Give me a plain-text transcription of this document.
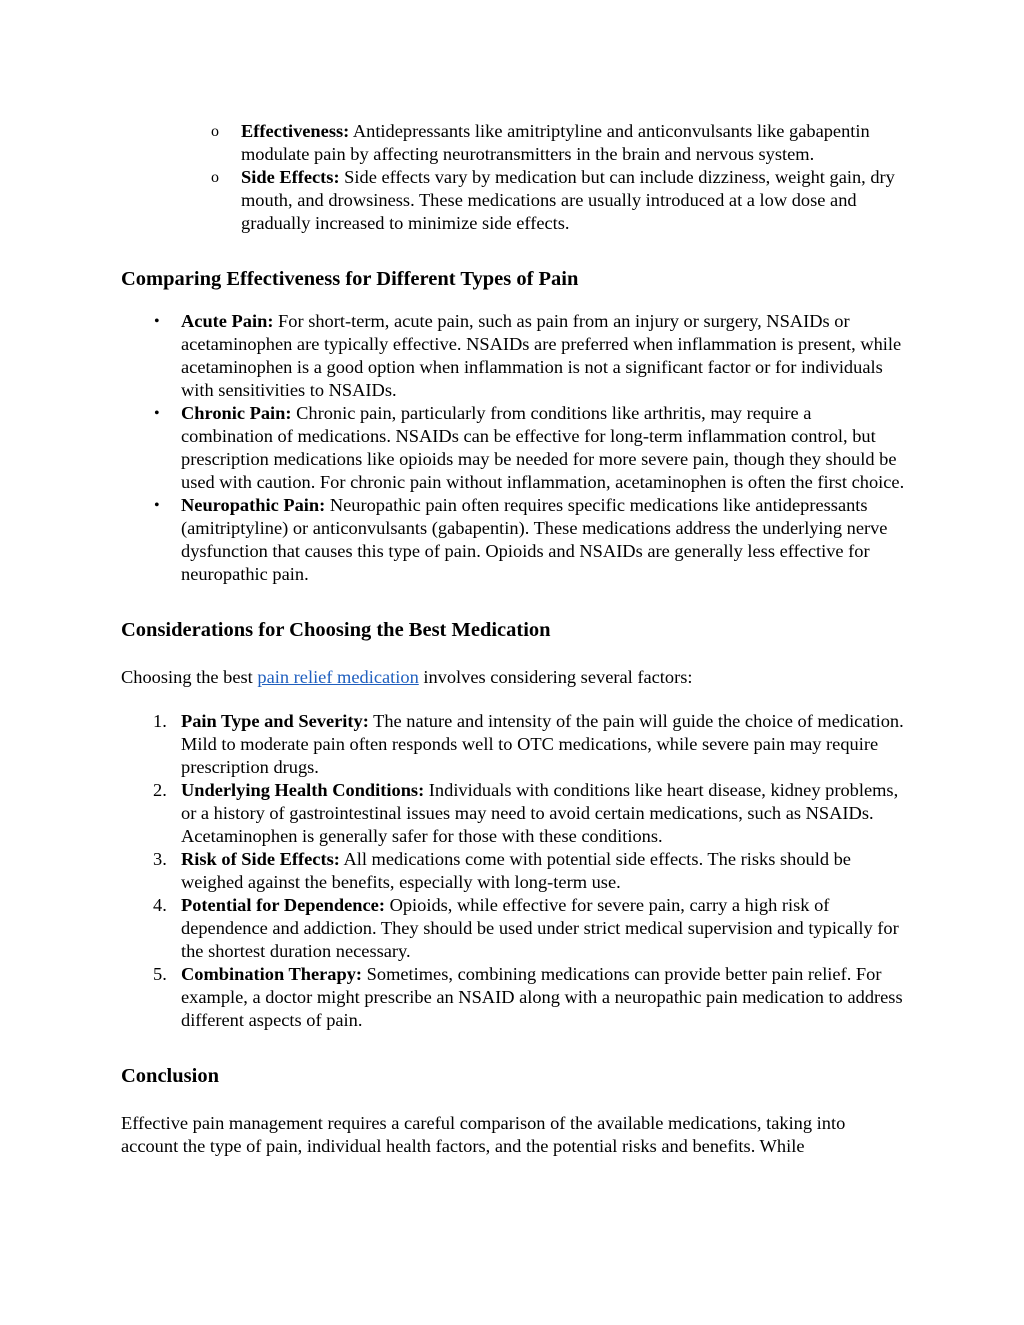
o Effectiveness: Antidepressants like amitriptyline and anticonvulsants like gabapentin modulate pain by affecting neurotransmitters in the brain and nervous system.
o Side Effects: Side effects vary by medication but can include dizziness, weight gain, dry mouth, and drowsiness. These medications are usually introduced at a low dose and gradually increased to minimize side effects.
Comparing Effectiveness for Different Types of Pain
• Acute Pain: For short-term, acute pain, such as pain from an injury or surgery, NSAIDs or acetaminophen are typically effective. NSAIDs are preferred when inflammation is present, while acetaminophen is a good option when inflammation is not a significant factor or for individuals with sensitivities to NSAIDs.
• Chronic Pain: Chronic pain, particularly from conditions like arthritis, may require a combination of medications. NSAIDs can be effective for long-term inflammation control, but prescription medications like opioids may be needed for more severe pain, though they should be used with caution. For chronic pain without inflammation, acetaminophen is often the first choice.
• Neuropathic Pain: Neuropathic pain often requires specific medications like antidepressants (amitriptyline) or anticonvulsants (gabapentin). These medications address the underlying nerve dysfunction that causes this type of pain. Opioids and NSAIDs are generally less effective for neuropathic pain.
Considerations for Choosing the Best Medication

Choosing the best pain relief medication involves considering several factors:

1. Pain Type and Severity: The nature and intensity of the pain will guide the choice of medication. Mild to moderate pain often responds well to OTC medications, while severe pain may require prescription drugs.
2. Underlying Health Conditions: Individuals with conditions like heart disease, kidney problems, or a history of gastrointestinal issues may need to avoid certain medications, such as NSAIDs. Acetaminophen is generally safer for those with these conditions.
3. Risk of Side Effects: All medications come with potential side effects. The risks should be weighed against the benefits, especially with long-term use.
4. Potential for Dependence: Opioids, while effective for severe pain, carry a high risk of dependence and addiction. They should be used under strict medical supervision and typically for the shortest duration necessary.
5. Combination Therapy: Sometimes, combining medications can provide better pain relief. For example, a doctor might prescribe an NSAID along with a neuropathic pain medication to address different aspects of pain.
Conclusion

Effective pain management requires a careful comparison of the available medications, taking into account the type of pain, individual health factors, and the potential risks and benefits. While
